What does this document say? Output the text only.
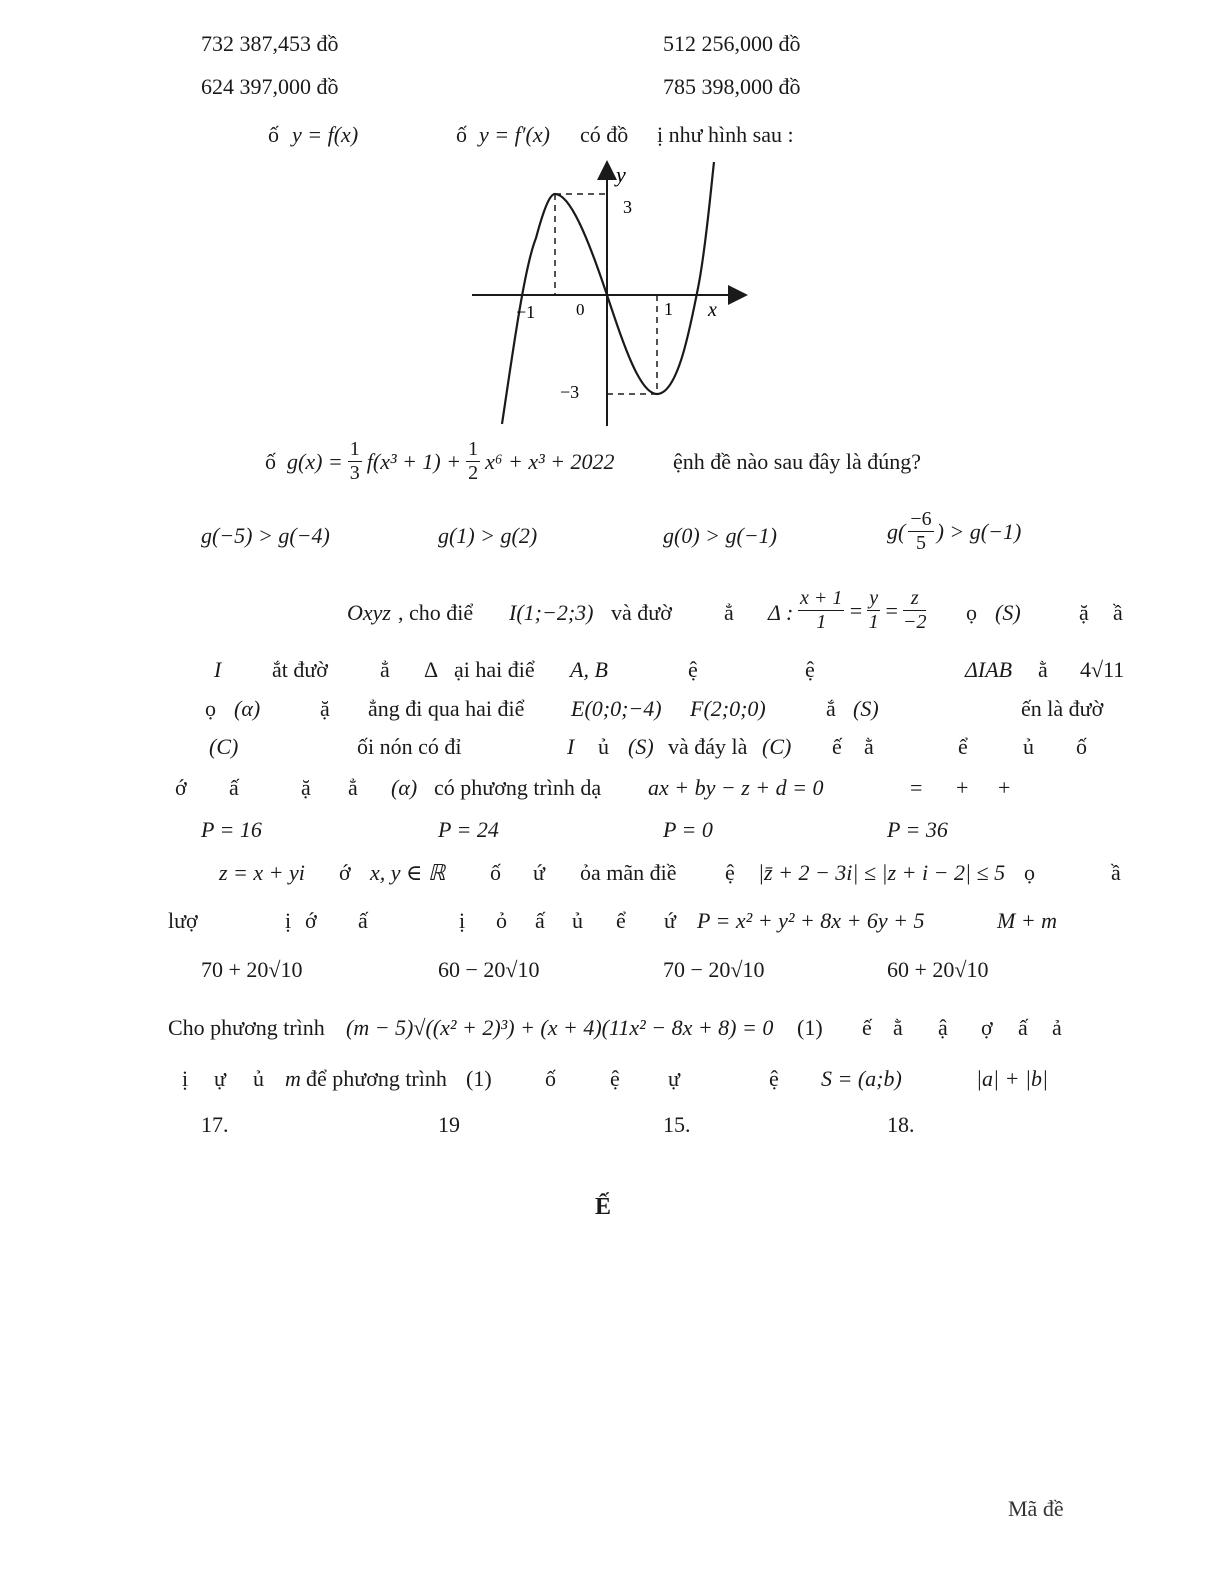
732 387,453 đồ	512 256,000 đồ
624 397,000 đồ	785 398,000 đồ
ố y = f(x)	ố y = f′(x) có đồ ị như hình sau :
y
x
3
−3
−1	1
0
ố $g(x) = \frac{1}{3} f(x^3 + 1) + \frac{1}{2} x^6 + x^3 + 2022$	ệnh đề nào sau đây là đúng?
g(−5) > g(−4)	g(1) > g(2)	g(0) > g(−1)	$g( \frac{-6}{5}$ ) > g(−1)
Oxyz , cho điể I(1;−2;3) và đườ ẳ Δ : $\frac{x + 1}{1} = \frac{y}{1} = \frac{z}{-2}$ ọ (S)	ặ ầ
I ắt đườ ẳ Δ ại hai điể A, B	ệ	ệ	ΔIAB ằ 4√11
ọ (α)	ặ ẳng đi qua hai điể E(0;0;−4) F(2;0;0)	ắ (S)	ến là đườ
(C)	ối nón có đỉ	I ủ (S) và đáy là (C) ế ằ	ể	ủ ố
ớ ấ	ặ ẳ (α) có phương trình dạ ax + by − z + d = 0	= + +
P = 16	P = 24	P = 0	P = 36
z = x + yi ớ x, y ∈ ℝ ố ứ ỏa mãn điề ệ |z̄ + 2 − 3i| ≤ |z + i − 2| ≤ 5 ọ	ầ
lượ	ị ớ ấ	ị ỏ ấ ủ ể ứ P = x² + y² + 8x + 6y + 5	M + m
70 + 20√10	60 − 20√10	70 − 20√10	60 + 20√10
Cho phương trình (m − 5)√((x² + 2)³) + (x + 4)(11x² − 8x + 8) = 0 (1) ế ằ ậ ợ ấ ả
ị ự ủ m để phương trình (1) ố ệ ự	ệ S = (a;b)	|a| + |b|
17.	19	15.	18.
Ế
Mã đề
